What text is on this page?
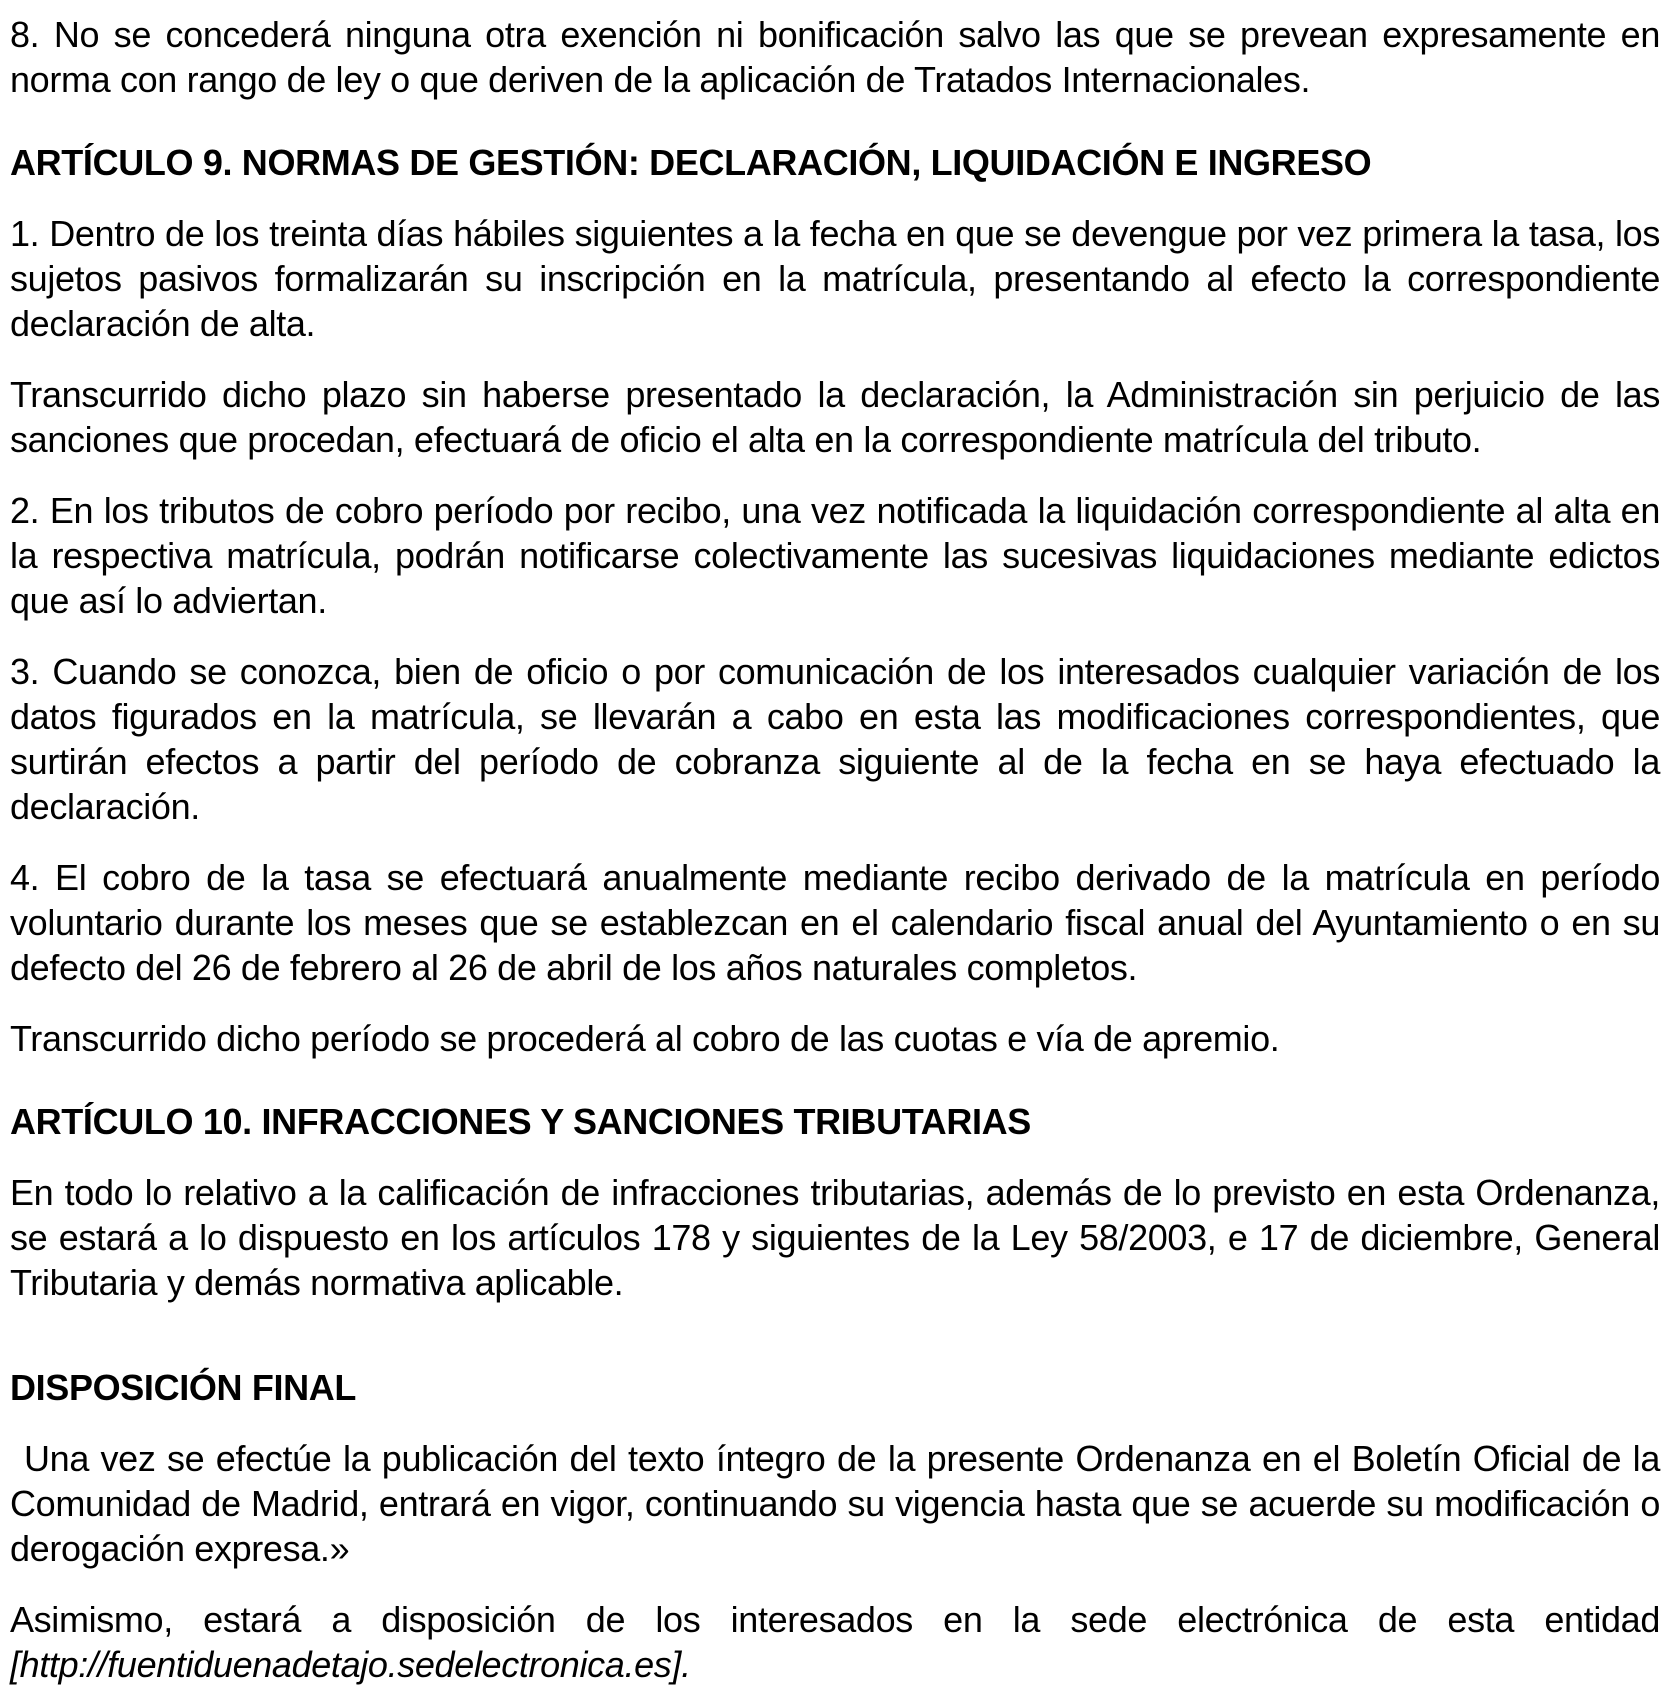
8. No se concederá ninguna otra exención ni bonificación salvo las que se prevean expresamente en norma con rango de ley o que deriven de la aplicación de Tratados Internacionales.

ARTÍCULO 9. NORMAS DE GESTIÓN: DECLARACIÓN, LIQUIDACIÓN E INGRESO

1. Dentro de los treinta días hábiles siguientes a la fecha en que se devengue por vez primera la tasa, los sujetos pasivos formalizarán su inscripción en la matrícula, presentando al efecto la correspondiente declaración de alta.

Transcurrido dicho plazo sin haberse presentado la declaración, la Administración sin perjuicio de las sanciones que procedan, efectuará de oficio el alta en la correspondiente matrícula del tributo.

2. En los tributos de cobro período por recibo, una vez notificada la liquidación correspondiente al alta en la respectiva matrícula, podrán notificarse colectivamente las sucesivas liquidaciones mediante edictos que así lo adviertan.

3. Cuando se conozca, bien de oficio o por comunicación de los interesados cualquier variación de los datos figurados en la matrícula, se llevarán a cabo en esta las modificaciones correspondientes, que surtirán efectos a partir del período de cobranza siguiente al de la fecha en se haya efectuado la declaración.

4. El cobro de la tasa se efectuará anualmente mediante recibo derivado de la matrícula en período voluntario durante los meses que se establezcan en el calendario fiscal anual del Ayuntamiento o en su defecto del 26 de febrero al 26 de abril de los años naturales completos.

Transcurrido dicho período se procederá al cobro de las cuotas e vía de apremio.

ARTÍCULO 10. INFRACCIONES Y SANCIONES TRIBUTARIAS

En todo lo relativo a la calificación de infracciones tributarias, además de lo previsto en esta Ordenanza, se estará a lo dispuesto en los artículos 178 y siguientes de la Ley 58/2003, e 17 de diciembre, General Tributaria y demás normativa aplicable.

DISPOSICIÓN FINAL

Una vez se efectúe la publicación del texto íntegro de la presente Ordenanza en el Boletín Oficial de la Comunidad de Madrid, entrará en vigor, continuando su vigencia hasta que se acuerde su modificación o derogación expresa.»

Asimismo, estará a disposición de los interesados en la sede electrónica de esta entidad [http://fuentiduenadetajo.sedelectronica.es].
